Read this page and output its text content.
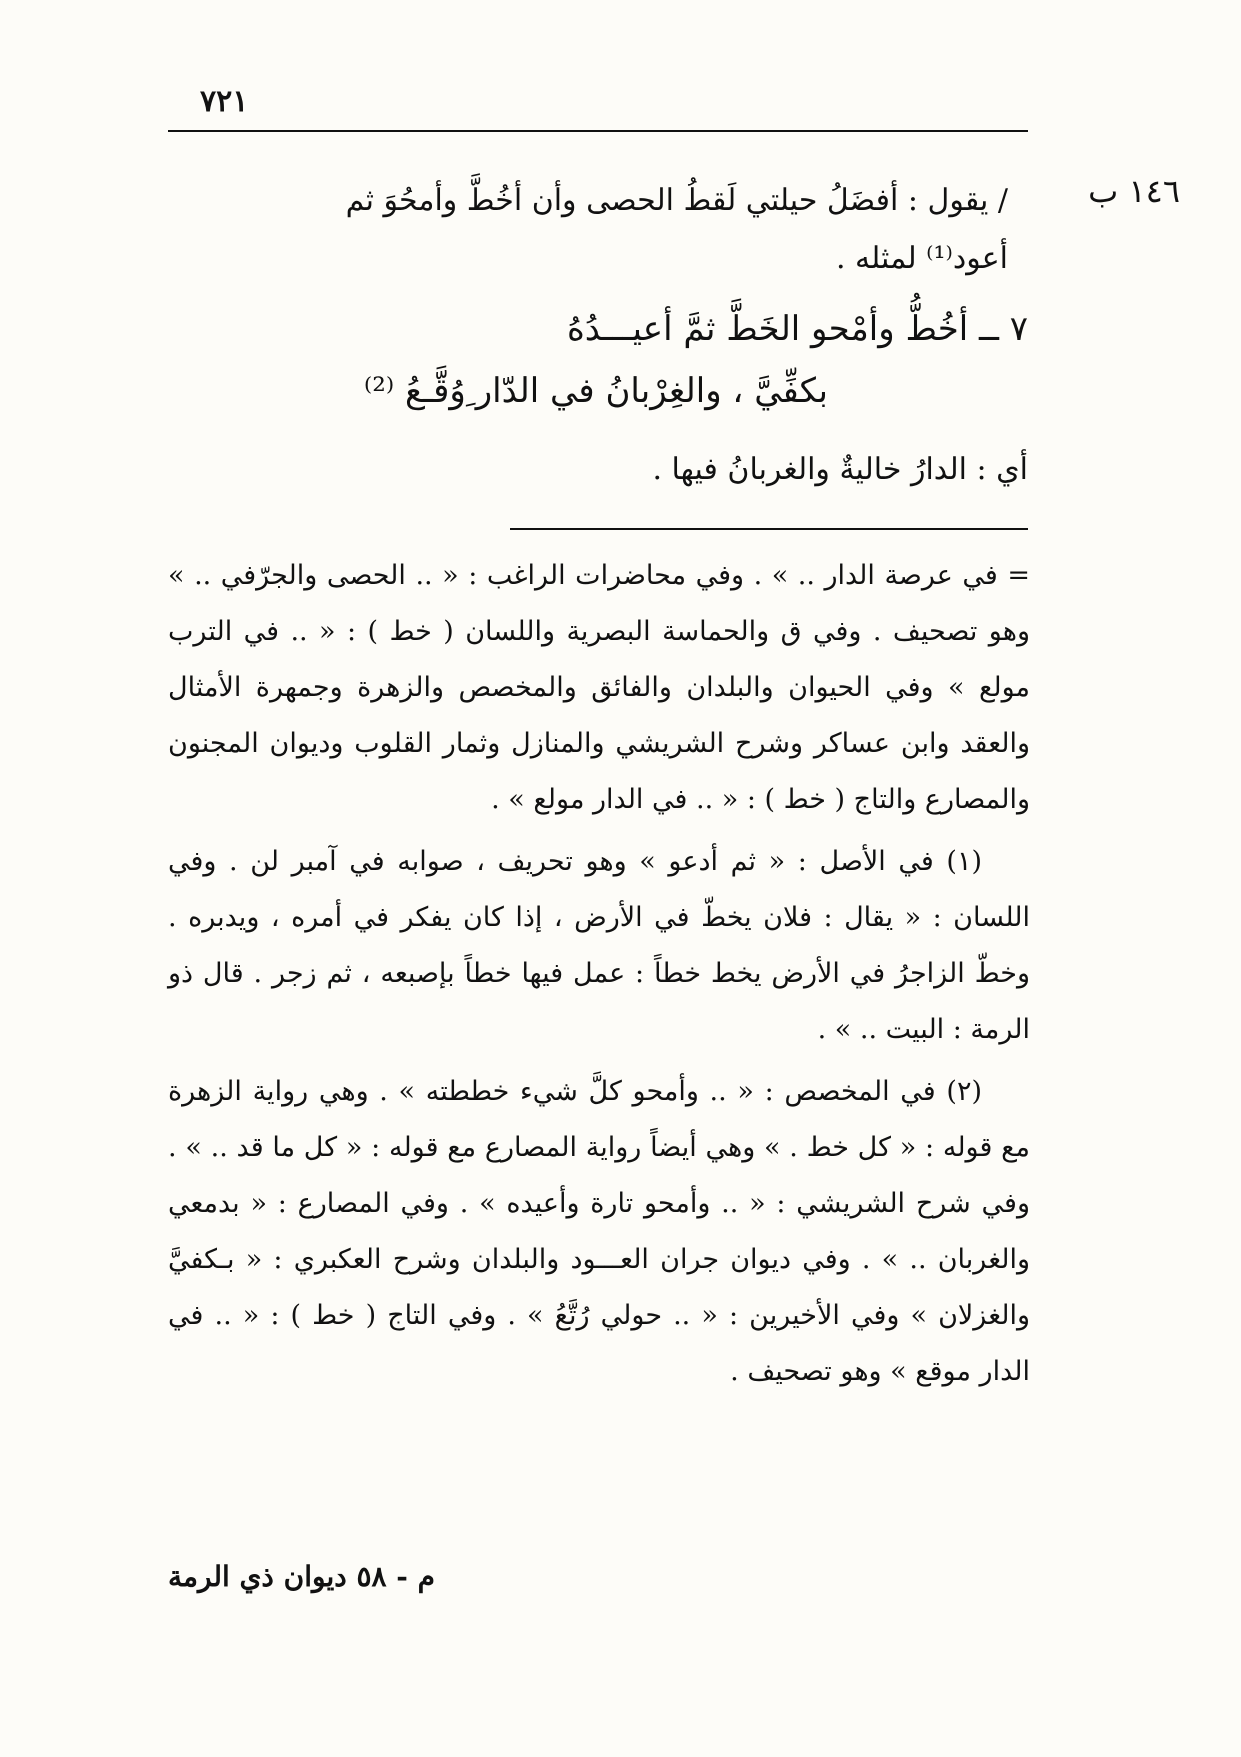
٧٢١
١٤٦ ب
/ يقول : أفضَلُ حيلتي لَقطُ الحصى وأن أخُطَّ وأمحُوَ ثم
أعود⁽¹⁾ لمثله .
٧ ــ أخُطُّ وأمْحو الخَطَّ ثمَّ أعيـــدُهُ
بكفِّيَّ ، والغِرْبانُ في الدّار ِوُقَّـعُ ⁽²⁾
أي : الدارُ خاليةٌ والغربانُ فيها .

= في عرصة الدار .. » . وفي محاضرات الراغب : « .. الحصى والجرّفي .. » وهو تصحيف . وفي ق والحماسة البصرية واللسان ( خط ) : « .. في الترب مولع » وفي الحيوان والبلدان والفائق والمخصص والزهرة وجمهرة الأمثال والعقد وابن عساكر وشرح الشريشي والمنازل وثمار القلوب وديوان المجنون والمصارع والتاج ( خط ) : « .. في الدار مولع » .

(١) في الأصل : « ثم أدعو » وهو تحريف ، صوابه في آمبر لن . وفي اللسان : « يقال : فلان يخطّ في الأرض ، إذا كان يفكر في أمره ، ويدبره . وخطّ الزاجرُ في الأرض يخط خطاً : عمل فيها خطاً بإصبعه ، ثم زجر . قال ذو الرمة : البيت .. » .

(٢) في المخصص : « .. وأمحو كلَّ شيء خططته » . وهي رواية الزهرة مع قوله : « كل خط . » وهي أيضاً رواية المصارع مع قوله : « كل ما قد .. » . وفي شرح الشريشي : « .. وأمحو تارة وأعيده » . وفي المصارع : « بدمعي والغربان .. » . وفي ديوان جران العـــود والبلدان وشرح العكبري : « بـكفيَّ والغزلان » وفي الأخيرين : « .. حولي رُتَّعُ » . وفي التاج ( خط ) : « .. في الدار موقع » وهو تصحيف .

م - ٥٨ ديوان ذي الرمة
